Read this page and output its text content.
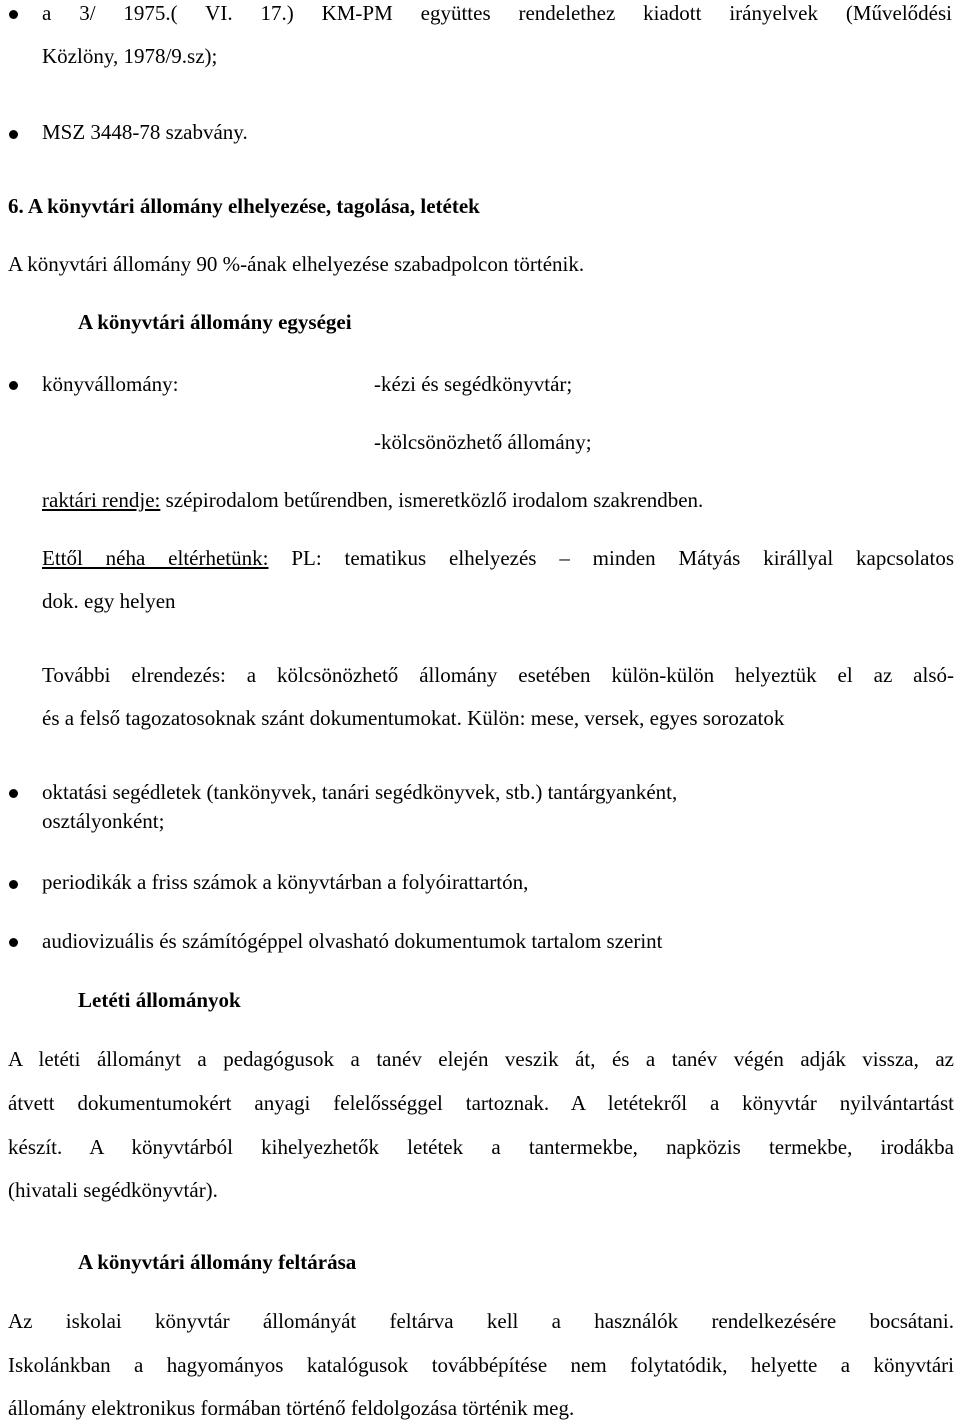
a 3/ 1975.( VI. 17.) KM-PM együttes rendelethez kiadott irányelvek (Művelődési
Közlöny, 1978/9.sz);
MSZ 3448-78 szabvány.
6. A könyvtári állomány elhelyezése, tagolása, letétek
A könyvtári állomány 90 %-ának elhelyezése szabadpolcon történik.
A könyvtári állomány egységei
könyvállomány:	-kézi és segédkönyvtár;
-kölcsönözhető állomány;
raktári rendje: szépirodalom betűrendben, ismeretközlő irodalom szakrendben.
Ettől néha eltérhetünk: PL: tematikus elhelyezés – minden Mátyás királlyal kapcsolatos
dok. egy helyen
További elrendezés: a kölcsönözhető állomány esetében külön-külön helyeztük el az alsó-
és a felső tagozatosoknak szánt dokumentumokat. Külön: mese, versek, egyes sorozatok
oktatási segédletek (tankönyvek, tanári segédkönyvek, stb.) tantárgyanként,
osztályonként;
periodikák a friss számok a könyvtárban a folyóirattartón,
audiovizuális és számítógéppel olvasható dokumentumok tartalom szerint
Letéti állományok
A letéti állományt a pedagógusok a tanév elején veszik át, és a tanév végén adják vissza, az
átvett dokumentumokért anyagi felelősséggel tartoznak. A letétekről a könyvtár nyilvántartást
készít. A könyvtárból kihelyezhetők letétek a tantermekbe, napközis termekbe, irodákba
(hivatali segédkönyvtár).
A könyvtári állomány feltárása
Az iskolai könyvtár állományát feltárva kell a használók rendelkezésére bocsátani.
Iskolánkban a hagyományos katalógusok továbbépítése nem folytatódik, helyette a könyvtári
állomány elektronikus formában történő feldolgozása történik meg.
